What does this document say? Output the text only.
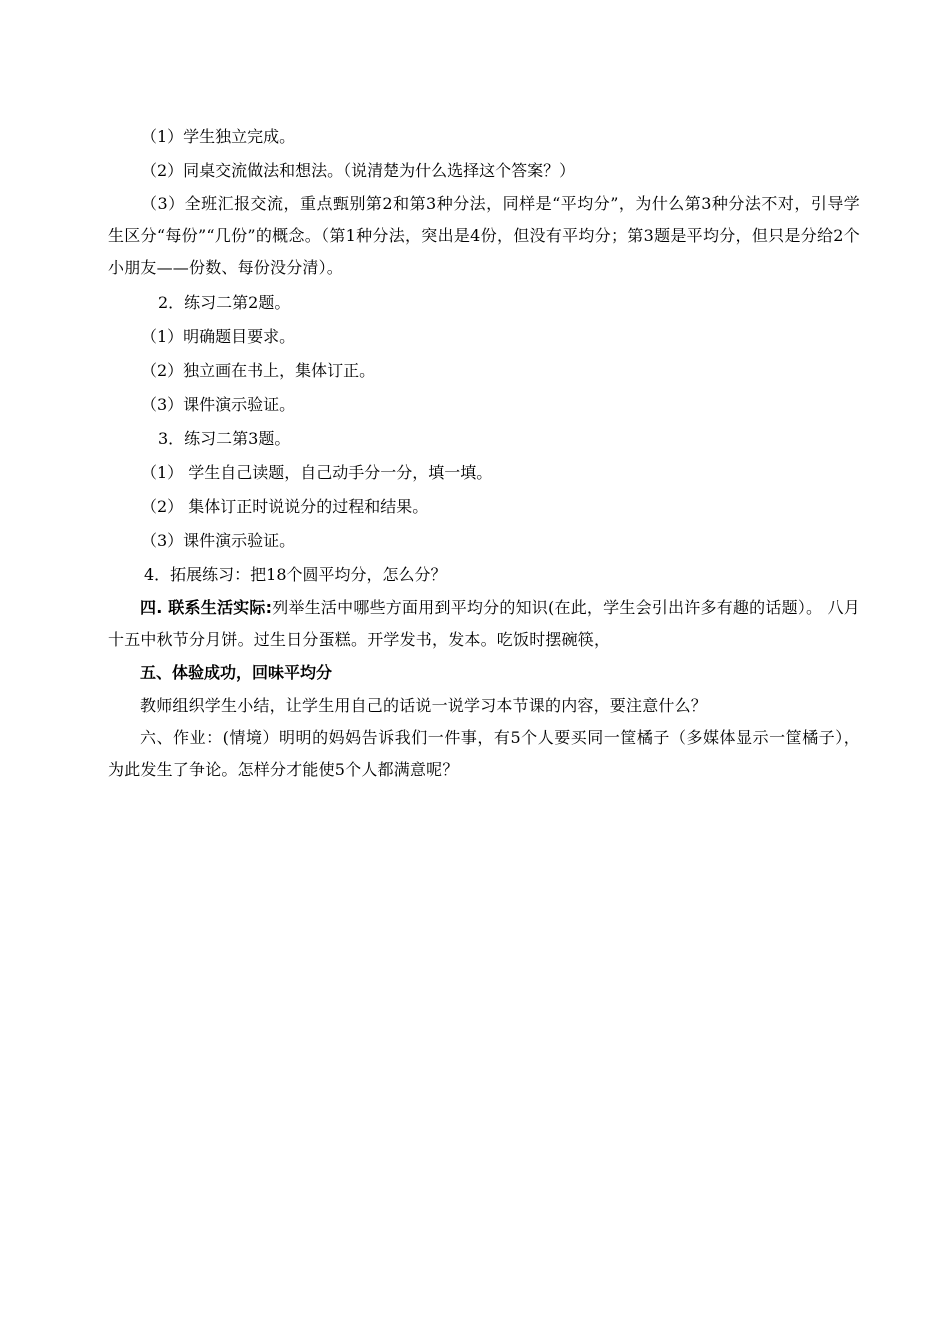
（1）学生独立完成。
（2）同桌交流做法和想法。（说清楚为什么选择这个答案？）
（3）全班汇报交流，重点甄别第2和第3种分法，同样是“平均分”，为什么第3种分法不对，引导学生区分“每份”“几份”的概念。（第1种分法，突出是4份，但没有平均分；第3题是平均分，但只是分给2个小朋友——份数、每份没分清）。
2．练习二第2题。
（1）明确题目要求。
（2）独立画在书上，集体订正。
（3）课件演示验证。
3．练习二第3题。
（1） 学生自己读题，自己动手分一分，填一填。
（2） 集体订正时说说分的过程和结果。
（3）课件演示验证。
4．拓展练习：把18个圆平均分，怎么分？
四. 联系生活实际:列举生活中哪些方面用到平均分的知识(在此，学生会引出许多有趣的话题）。 八月十五中秋节分月饼。过生日分蛋糕。开学发书，发本。吃饭时摆碗筷，
五、体验成功，回味平均分
教师组织学生小结，让学生用自己的话说一说学习本节课的内容，要注意什么？
六、作业：(情境）明明的妈妈告诉我们一件事，有5个人要买同一筐橘子（多媒体显示一筐橘子），为此发生了争论。怎样分才能使5个人都满意呢？
